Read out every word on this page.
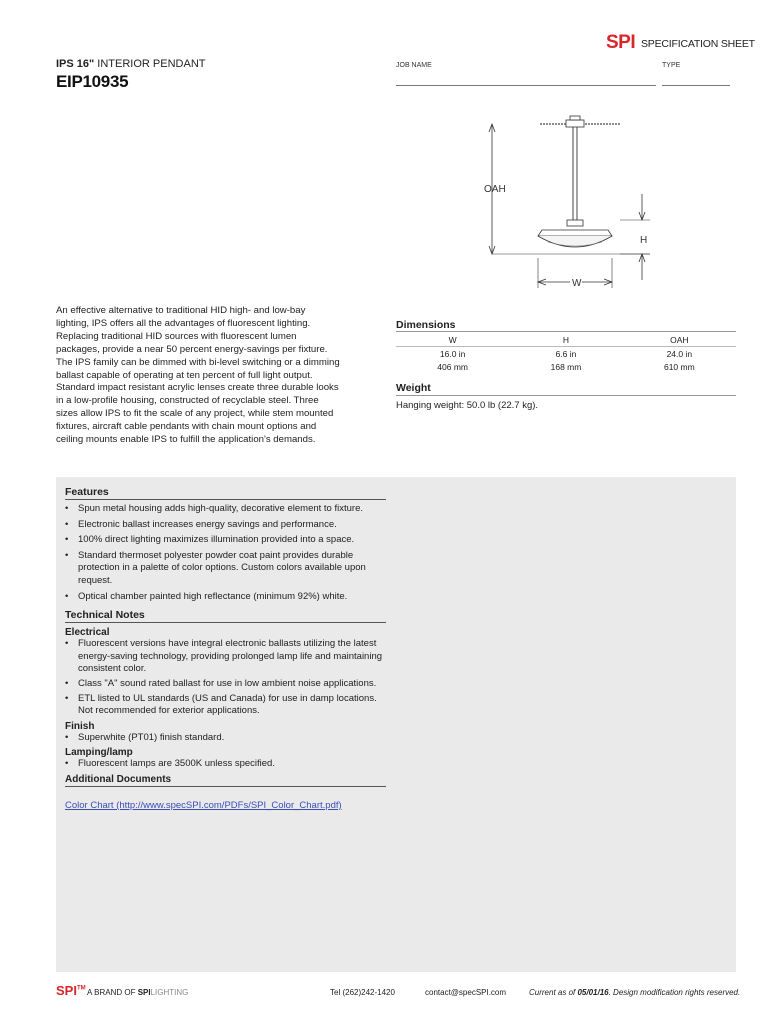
SPI SPECIFICATION SHEET
IPS 16" INTERIOR PENDANT
EIP10935
JOB NAME	TYPE
OAH
H
W
An effective alternative to traditional HID high- and low-bay lighting, IPS offers all the advantages of fluorescent lighting. Replacing traditional HID sources with fluorescent lumen packages, provide a near 50 percent energy-savings per fixture. The IPS family can be dimmed with bi-level switching or a dimming ballast capable of operating at ten percent of full light output. Standard impact resistant acrylic lenses create three durable looks in a low-profile housing, constructed of recyclable steel. Three sizes allow IPS to fit the scale of any project, while stem mounted fixtures, aircraft cable pendants with chain mount options and ceiling mounts enable IPS to fulfill the application's demands.
Dimensions
W	H	OAH
16.0 in	6.6 in	24.0 in
406 mm	168 mm	610 mm
Weight
Hanging weight: 50.0 lb (22.7 kg).
Features
• Spun metal housing adds high-quality, decorative element to fixture.
• Electronic ballast increases energy savings and performance.
• 100% direct lighting maximizes illumination provided into a space.
• Standard thermoset polyester powder coat paint provides durable protection in a palette of color options. Custom colors available upon request.
• Optical chamber painted high reflectance (minimum 92%) white.
Technical Notes
Electrical
• Fluorescent versions have integral electronic ballasts utilizing the latest energy-saving technology, providing prolonged lamp life and maintaining consistent color.
• Class "A" sound rated ballast for use in low ambient noise applications.
• ETL listed to UL standards (US and Canada) for use in damp locations. Not recommended for exterior applications.
Finish
• Superwhite (PT01) finish standard.
Lamping/lamp
• Fluorescent lamps are 3500K unless specified.
Additional Documents
Color Chart (http://www.specSPI.com/PDFs/SPI_Color_Chart.pdf)
SPI™ A BRAND OF SPILIGHTING	Tel (262)242-1420	contact@specSPI.com	Current as of 05/01/16. Design modification rights reserved.
